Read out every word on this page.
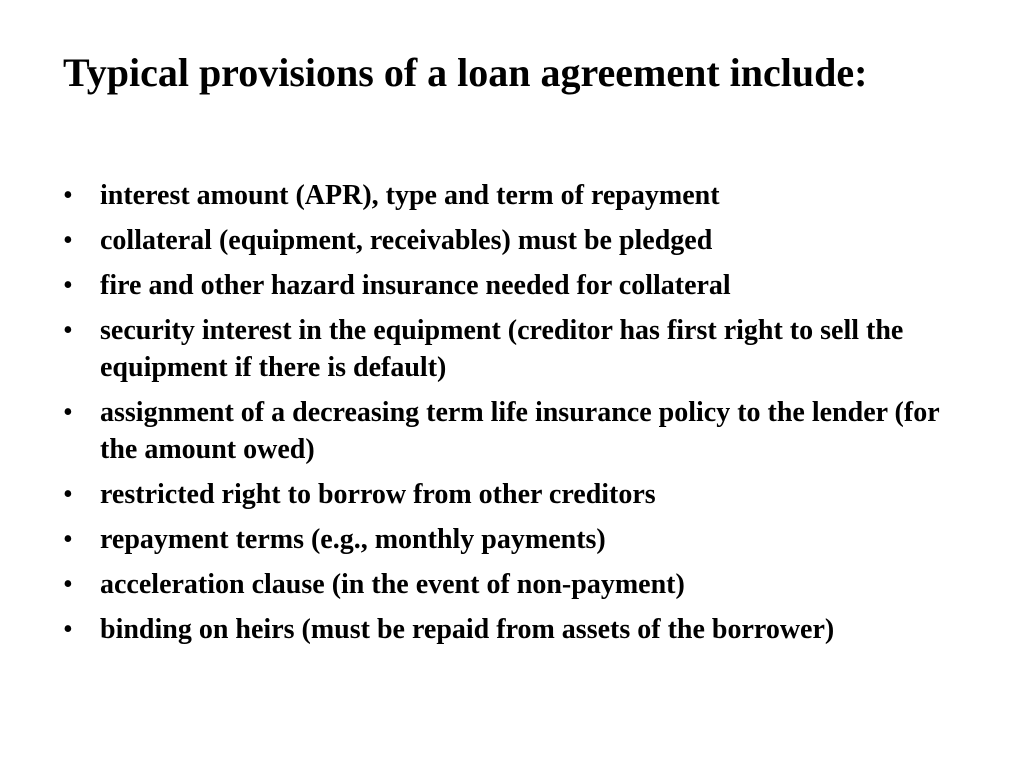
Typical provisions of a loan agreement include:
• interest amount (APR), type and term of repayment
• collateral (equipment, receivables) must be pledged
• fire and other hazard insurance needed for collateral
• security interest in the equipment (creditor has first right to sell the equipment if there is default)
• assignment of a decreasing term life insurance policy to the lender (for the amount owed)
• restricted right to borrow from other creditors
• repayment terms (e.g., monthly payments)
• acceleration clause (in the event of non-payment)
• binding on heirs (must be repaid from assets of the borrower)
